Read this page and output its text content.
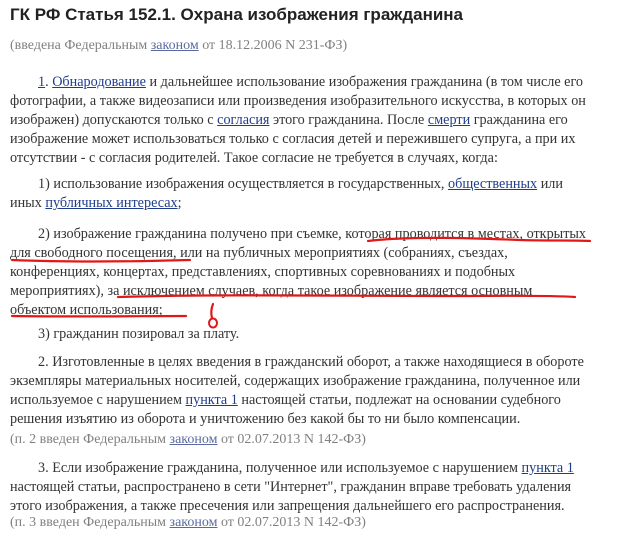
ГК РФ Статья 152.1. Охрана изображения гражданина
(введена Федеральным законом от 18.12.2006 N 231-ФЗ)
1. Обнародование и дальнейшее использование изображения гражданина (в том числе его
фотографии, а также видеозаписи или произведения изобразительного искусства, в которых он
изображен) допускаются только с согласия этого гражданина. После смерти гражданина его
изображение может использоваться только с согласия детей и пережившего супруга, а при их
отсутствии - с согласия родителей. Такое согласие не требуется в случаях, когда:
1) использование изображения осуществляется в государственных, общественных или
иных публичных интересах;
2) изображение гражданина получено при съемке, которая проводится в местах, открытых
для свободного посещения, или на публичных мероприятиях (собраниях, съездах,
конференциях, концертах, представлениях, спортивных соревнованиях и подобных
мероприятиях), за исключением случаев, когда такое изображение является основным
объектом использования;
3) гражданин позировал за плату.
2. Изготовленные в целях введения в гражданский оборот, а также находящиеся в обороте
экземпляры материальных носителей, содержащих изображение гражданина, полученное или
используемое с нарушением пункта 1 настоящей статьи, подлежат на основании судебного
решения изъятию из оборота и уничтожению без какой бы то ни было компенсации.
(п. 2 введен Федеральным законом от 02.07.2013 N 142-ФЗ)
3. Если изображение гражданина, полученное или используемое с нарушением пункта 1
настоящей статьи, распространено в сети "Интернет", гражданин вправе требовать удаления
этого изображения, а также пресечения или запрещения дальнейшего его распространения.
(п. 3 введен Федеральным законом от 02.07.2013 N 142-ФЗ)
